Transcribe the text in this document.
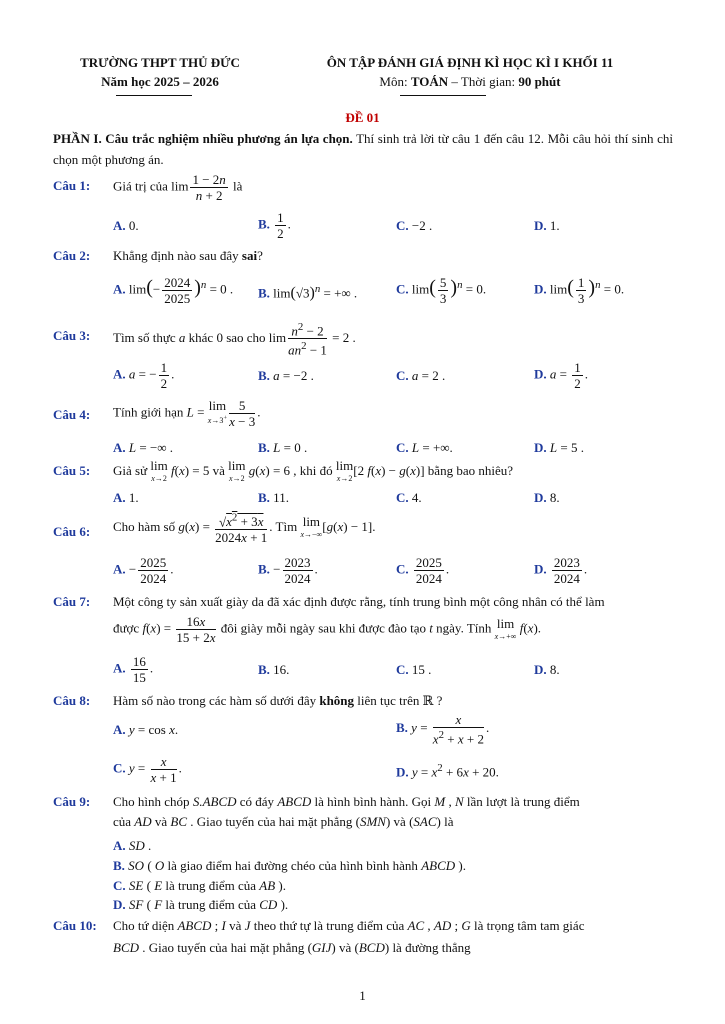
TRƯỜNG THPT THỦ ĐỨC
Năm học 2025 – 2026
ÔN TẬP ĐÁNH GIÁ ĐỊNH KÌ HỌC KÌ I KHỐI 11
Môn: TOÁN – Thời gian: 90 phút
ĐỀ 01
PHẦN I. Câu trắc nghiệm nhiều phương án lựa chọn. Thí sinh trả lời từ câu 1 đến câu 12. Mỗi câu hỏi thí sinh chỉ chọn một phương án.
Câu 1: Giá trị của $\lim \frac{1 - 2n}{n + 2}$ là
A. 0.	B. $\frac{1}{2}$ .	C. −2 .	D. 1.
Câu 2: Khẳng định nào sau đây sai?
A. $\lim(- \frac{2024}{2025} )^n = 0$ . B. $\lim(√3)^n$ = +∞ .	C. $\lim( \frac{5}{3} )^n = 0$.	D. $\lim( \frac{1}{3} )^n = 0$.
Câu 3: Tìm số thực a khác 0 sao cho $\lim \frac{n^2 - 2}{an^2 - 1} = 2$ .
A. a = − $\frac{1}{2}$ .	B. a = −2 .	C. a = 2 .	D. $a = \frac{1}{2}$ .
Câu 4: Tính giới hạn L = lim
$x\to 3^+ \frac{5}{x - 3}$ .
A. L = −∞ .	B. L = 0 .	C. L = +∞.	D. L = 5 .
Câu 5: Giả sử lim
x→2 f(x) = 5 và lim
x→2 g(x) = 6 , khi đó lim
x→2[2 f(x) − g(x)] bằng bao nhiêu?
A. 1.	B. 11.	C. 4.	D. 8.
Câu 6: Cho hàm số $g(x) = \frac{√x^2 + 3x}{2024x + 1}$ . Tìm lim
x→−∞[g(x) − 1].
A. − $\frac{2025}{2024}$ .	B. − $\frac{2023}{2024}$ .	C. $\frac{2025}{2024}$ .	D. $\frac{2023}{2024}$ .
Câu 7: Một công ty sản xuất giày da đã xác định được rằng, tính trung bình một công nhân có thể làm
được $f(x) = \frac{16x}{15 + 2x}$ đôi giày mỗi ngày sau khi được đào tạo t ngày. Tính lim
x→+∞ f(x).
A. $\frac{16}{15}$ .	B. 16.	C. 15 .	D. 8.
Câu 8: Hàm số nào trong các hàm số dưới đây không liên tục trên ℝ ?
A. y = cos x.	B. $y = \frac{x}{x^2 + x + 2}$ .
C. $y = \frac{x}{x + 1}$ .	D. $y = x^2 + 6x + 20$.
Câu 9: Cho hình chóp S.ABCD có đáy ABCD là hình bình hành. Gọi M , N lần lượt là trung điểm
của AD và BC . Giao tuyến của hai mặt phẳng (SMN) và (SAC) là
A. SD .
B. SO ( O là giao điểm hai đường chéo của hình bình hành ABCD ).
C. SE ( E là trung điểm của AB ).
D. SF ( F là trung điểm của CD ).
Câu 10: Cho tứ diện ABCD ; I và J theo thứ tự là trung điểm của AC , AD ; G là trọng tâm tam giác
BCD . Giao tuyến của hai mặt phẳng (GIJ) và (BCD) là đường thẳng
1
